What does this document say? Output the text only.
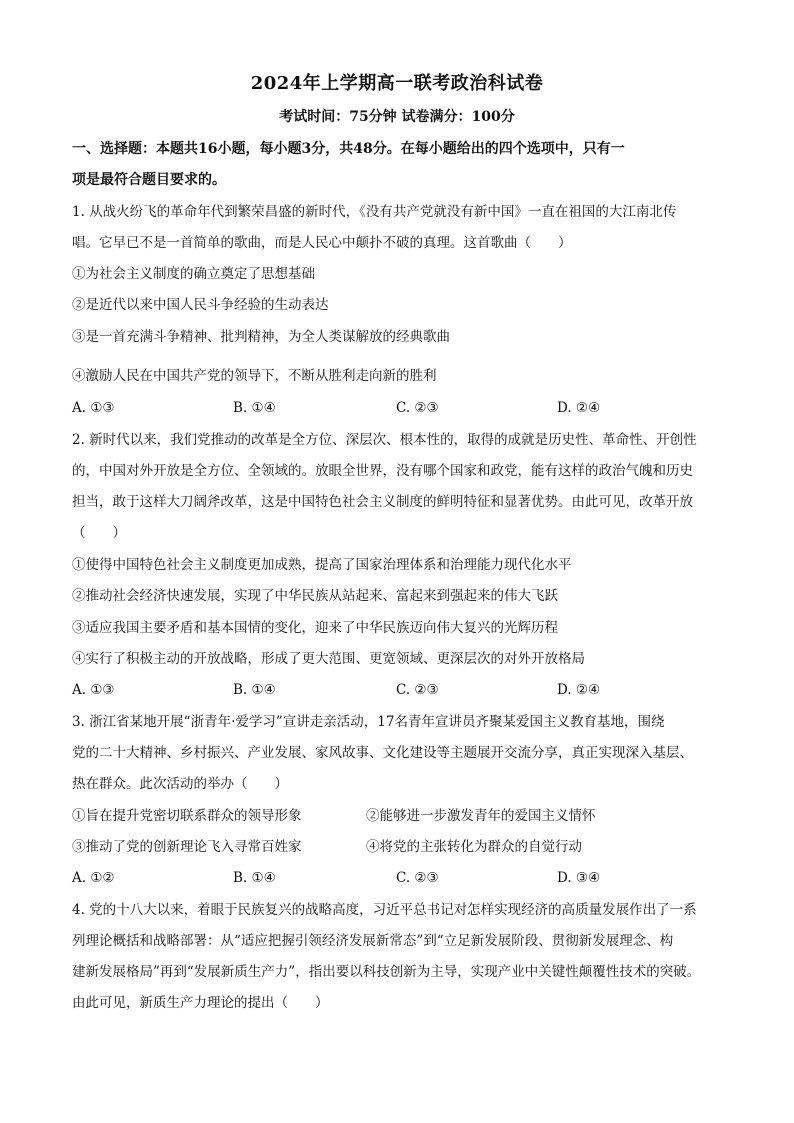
2024年上学期高一联考政治科试卷
考试时间：75分钟 试卷满分：100分
一、选择题：本题共16小题，每小题3分，共48分。在每小题给出的四个选项中，只有一
项是最符合题目要求的。
1. 从战火纷飞的革命年代到繁荣昌盛的新时代，《没有共产党就没有新中国》一直在祖国的大江南北传
唱。它早已不是一首简单的歌曲，而是人民心中颠扑不破的真理。这首歌曲（　　）
①为社会主义制度的确立奠定了思想基础
②是近代以来中国人民斗争经验的生动表达
③是一首充满斗争精神、批判精神，为全人类谋解放的经典歌曲
④激励人民在中国共产党的领导下，不断从胜利走向新的胜利
A. ①③	B. ①④	C. ②③	D. ②④
2. 新时代以来，我们党推动的改革是全方位、深层次、根本性的，取得的成就是历史性、革命性、开创性
的，中国对外开放是全方位、全领域的。放眼全世界，没有哪个国家和政党，能有这样的政治气魄和历史
担当，敢于这样大刀阔斧改革，这是中国特色社会主义制度的鲜明特征和显著优势。由此可见，改革开放
（　　）
①使得中国特色社会主义制度更加成熟，提高了国家治理体系和治理能力现代化水平
②推动社会经济快速发展，实现了中华民族从站起来、富起来到强起来的伟大飞跃
③适应我国主要矛盾和基本国情的变化，迎来了中华民族迈向伟大复兴的光辉历程
④实行了积极主动的开放战略，形成了更大范围、更宽领域、更深层次的对外开放格局
A. ①③	B. ①④	C. ②③	D. ②④
3. 浙江省某地开展“浙青年·爱学习”宣讲走亲活动，17名青年宣讲员齐聚某爱国主义教育基地，围绕
党的二十大精神、乡村振兴、产业发展、家风故事、文化建设等主题展开交流分享，真正实现深入基层、
热在群众。此次活动的举办（　　）
①旨在提升党密切联系群众的领导形象	②能够进一步激发青年的爱国主义情怀
③推动了党的创新理论飞入寻常百姓家	④将党的主张转化为群众的自觉行动
A. ①②	B. ①④	C. ②③	D. ③④
4. 党的十八大以来，着眼于民族复兴的战略高度，习近平总书记对怎样实现经济的高质量发展作出了一系
列理论概括和战略部署：从“适应把握引领经济发展新常态”到“立足新发展阶段、贯彻新发展理念、构
建新发展格局”再到“发展新质生产力”，指出要以科技创新为主导，实现产业中关键性颠覆性技术的突破。
由此可见，新质生产力理论的提出（　　）
